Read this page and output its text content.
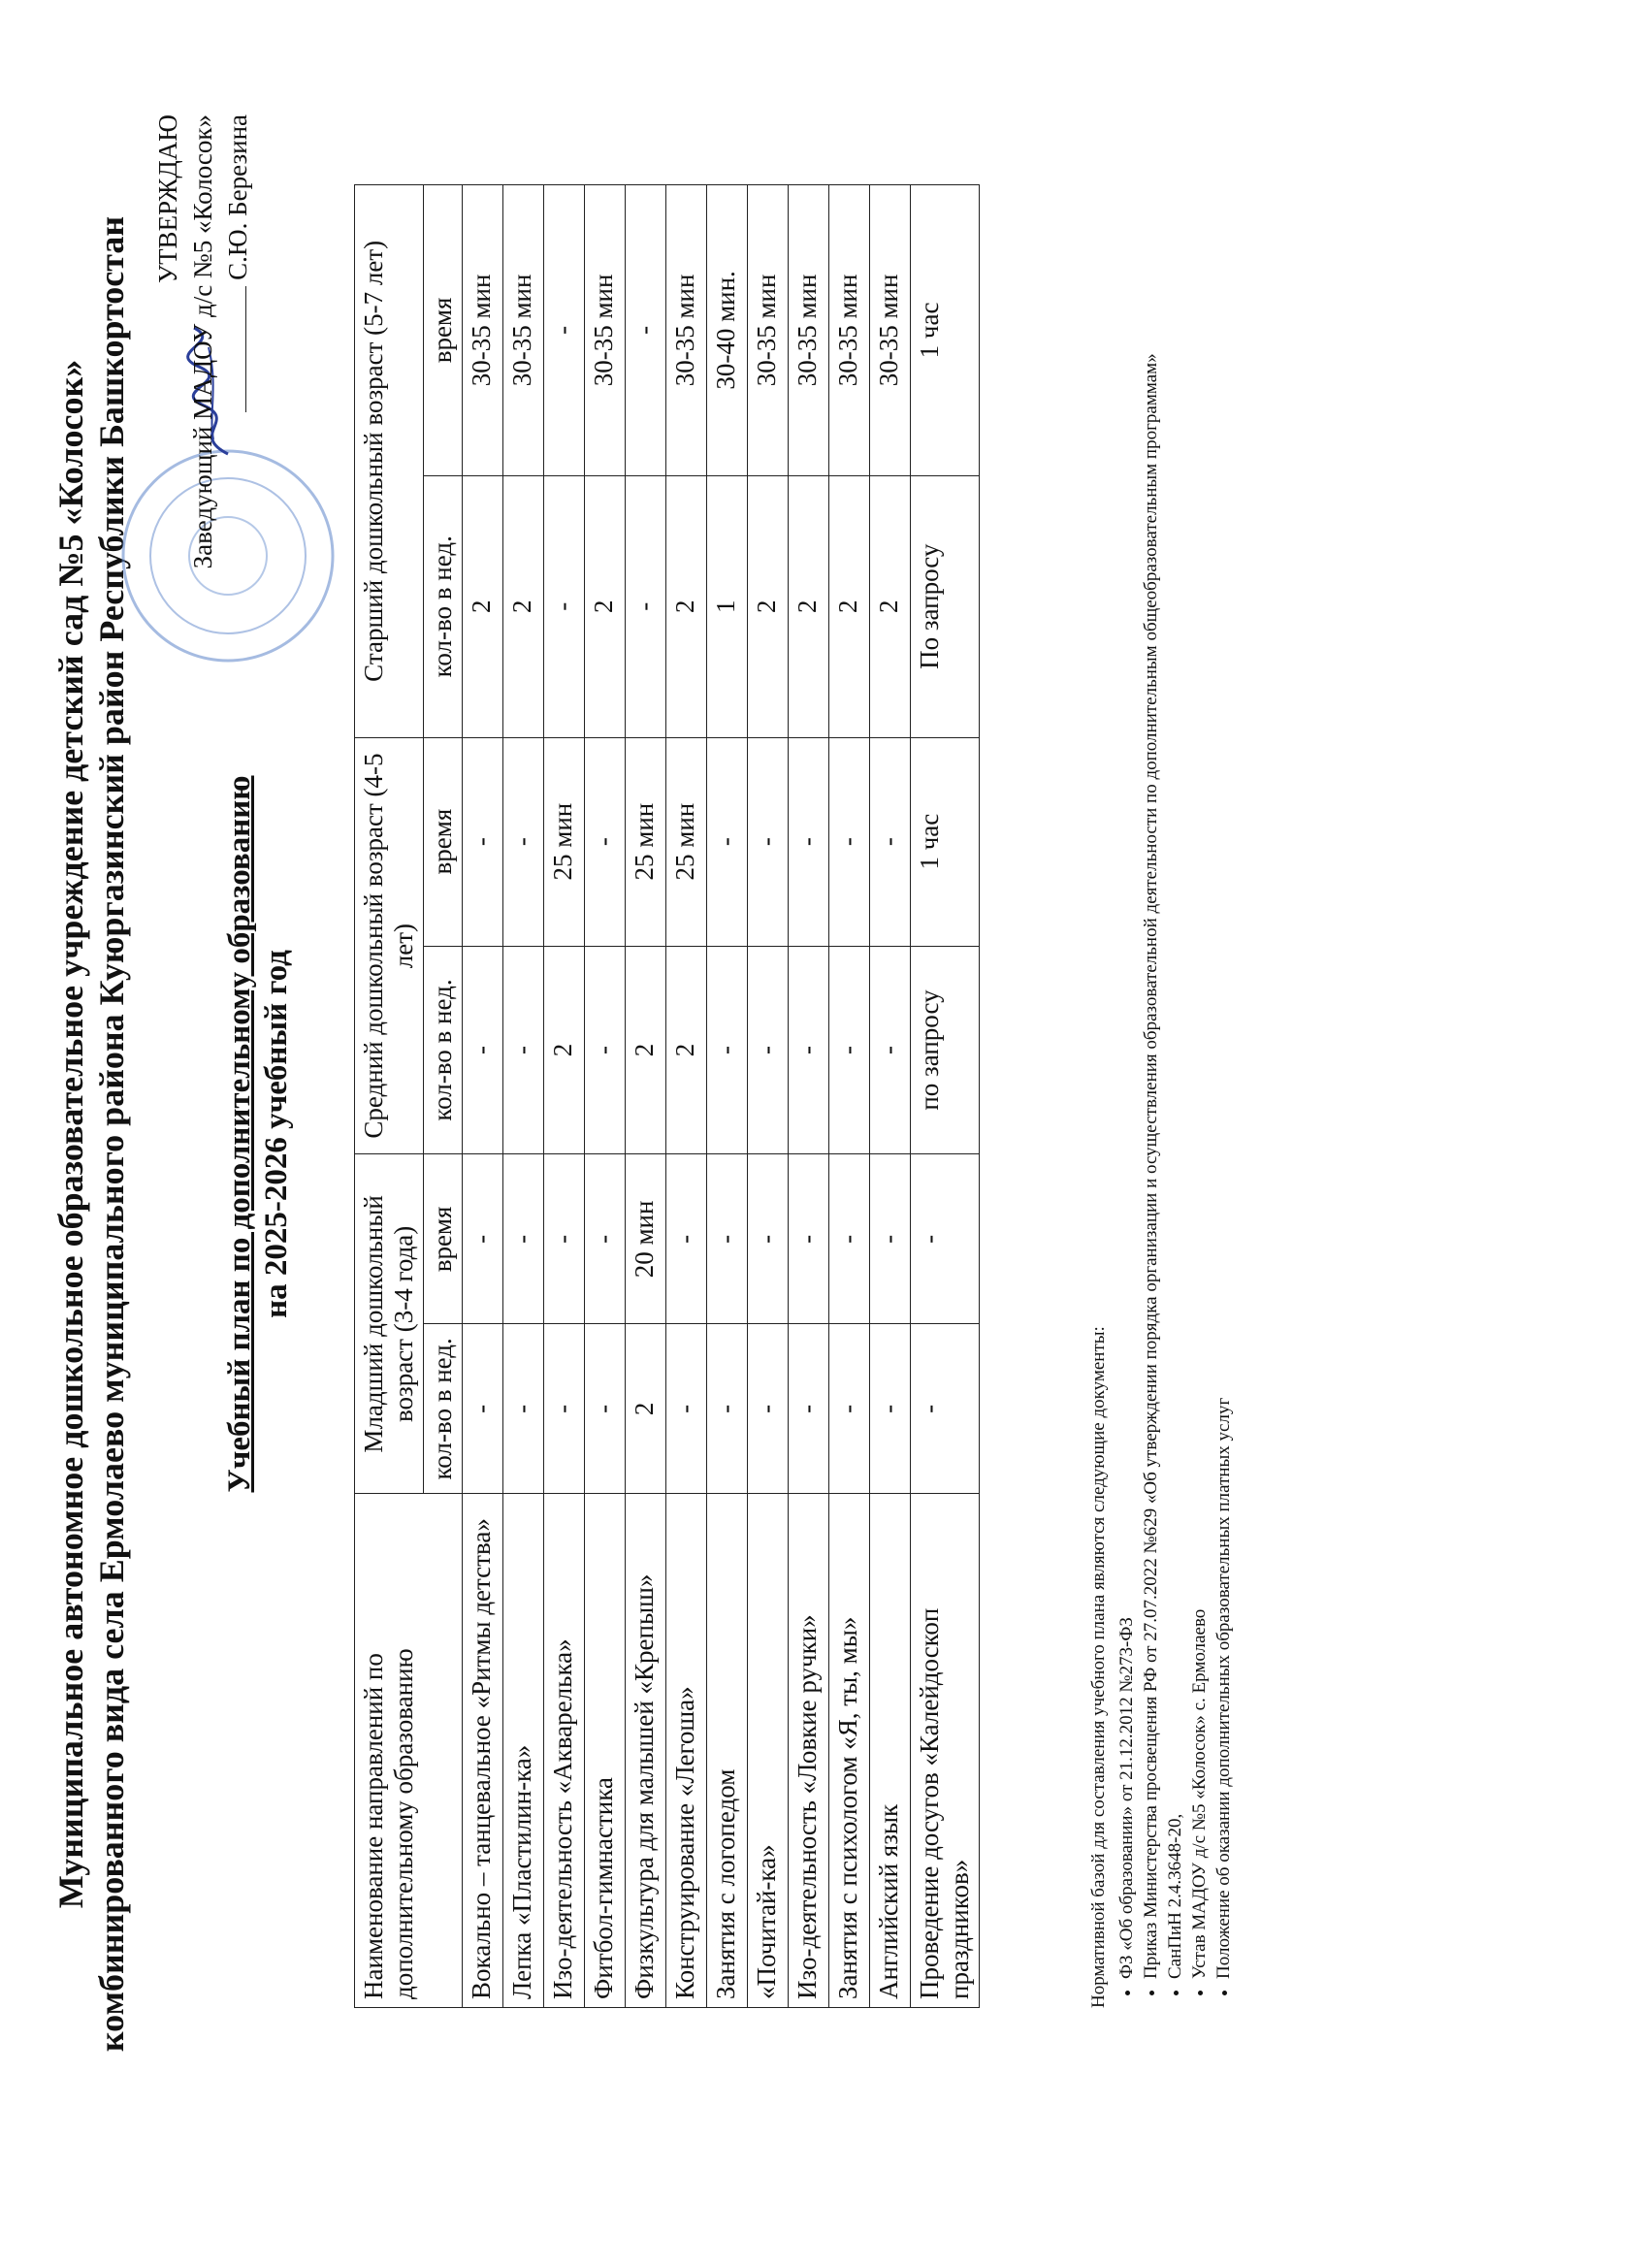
Муниципальное автономное дошкольное образовательное учреждение детский сад №5 «Колосок» комбинированного вида села Ермолаево муниципального района Куюргазинский район Республики Башкортостан
УТВЕРЖДАЮ Заведующий МАДОУ д/с №5 «Колосок» С.Ю. Березина
Учебный план по дополнительному образованию на 2025-2026 учебный год
Наименование направлений по дополнительному образованию	Младший дошкольный возраст (3-4 года)		Средний дошкольный возраст (4-5 лет)		Старший дошкольный возраст (5-7 лет)	
	кол-во в нед.	время	кол-во в нед.	время	кол-во в нед.	время
Вокально – танцевальное «Ритмы детства»	-	-	-	-	2	30-35 мин
Лепка «Пластилин-ка»	-	-	-	-	2	30-35 мин
Изо-деятельность «Акварелька»	-	-	2	25 мин	-	-
Фитбол-гимнастика	-	-	-	-	2	30-35 мин
Физкультура для малышей «Крепыш»	2	20 мин	2	25 мин	-	-
Конструирование «Легоша»	-	-	2	25 мин	2	30-35 мин
Занятия с логопедом	-	-	-	-	1	30-40 мин.
«Почитай-ка»	-	-	-	-	2	30-35 мин
Изо-деятельность «Ловкие ручки»	-	-	-	-	2	30-35 мин
Занятия с психологом «Я, ты, мы»	-	-	-	-	2	30-35 мин
Английский язык	-	-	-	-	2	30-35 мин
Проведение досугов «Калейдоскоп праздников»	-	-	по запросу	1 час	По запросу	1 час
Нормативной базой для составления учебного плана являются следующие документы: • ФЗ «Об образовании» от 21.12.2012 №273-ФЗ • Приказ Министерства просвещения РФ от 27.07.2022 №629 «Об утверждении порядка организации и осуществления образовательной деятельности по дополнительным общеобразовательным программам» • СанПиН 2.4.3648-20, • Устав МАДОУ д/с №5 «Колосок» с. Ермолаево • Положение об оказании дополнительных образовательных платных услуг
